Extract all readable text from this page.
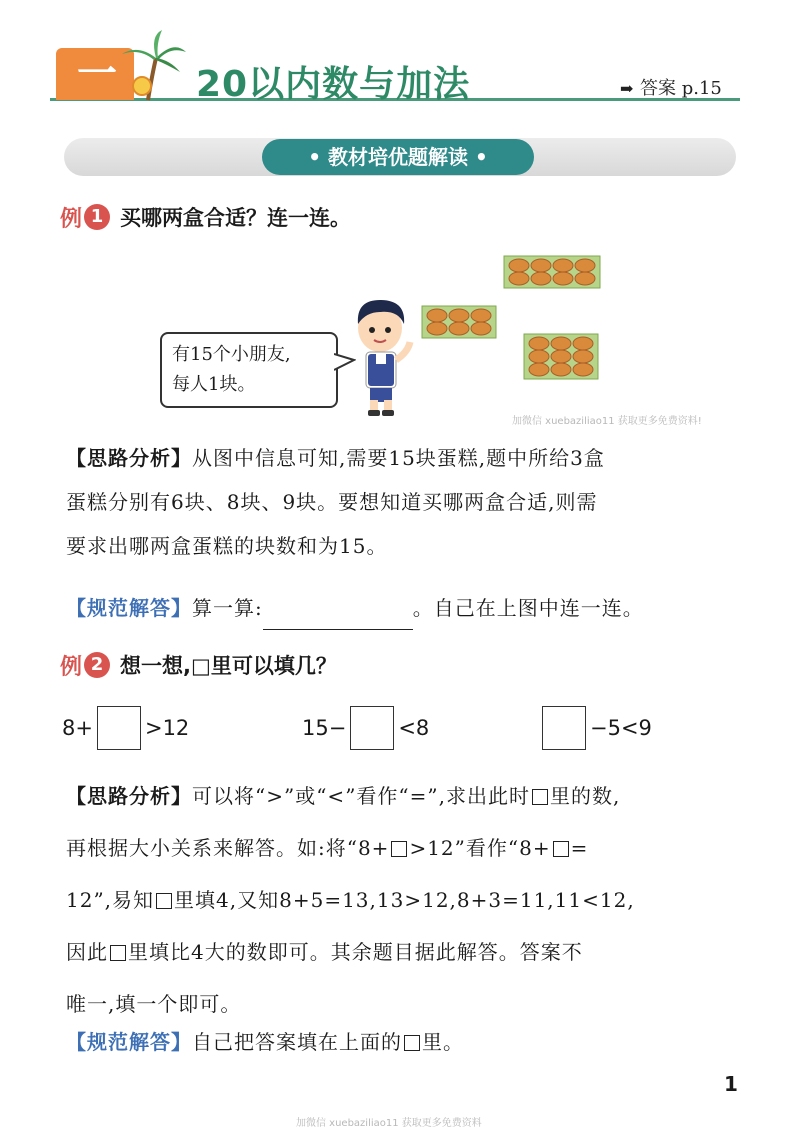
一 20以内数与加法	➡ 答案 p.15
• 教材培优题解读 •
例 1 买哪两盒合适？连一连。
有15个小朋友,
每人1块。
加微信 xuebaziliao11 获取更多免费资料!
【思路分析】从图中信息可知,需要15块蛋糕,题中所给3盒
蛋糕分别有6块、8块、9块。要想知道买哪两盒合适,则需
要求出哪两盒蛋糕的块数和为15。
【规范解答】算一算:	。自己在上图中连一连。
例 2 想一想,□里可以填几？
8+ >12	15− <8	−5<9
【思路分析】可以将“>”或“<”看作“=”,求出此时 里的数,
再根据大小关系来解答。如:将“8+ >12”看作“8+ =
12”,易知 里填4,又知8+5=13,13>12,8+3=11,11<12,
因此 里填比4大的数即可。其余题目据此解答。答案不
唯一,填一个即可。
【规范解答】自己把答案填在上面的 里。
1
加微信 xuebaziliao11 获取更多免费资料
